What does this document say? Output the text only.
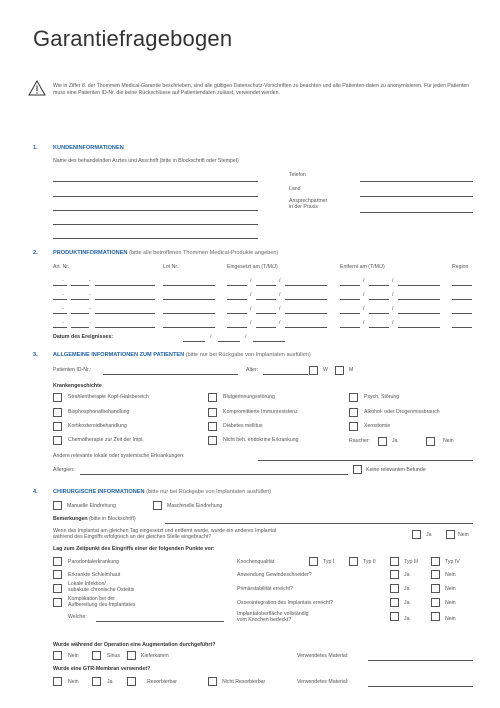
Garantiefragebogen
Wie in Ziffer 8. der Thommen Medical-Garantie beschrieben, sind alle gültigen Datenschutz-Vorschriften zu beachten und alle Patienten-daten zu anonymisieren. Für jeden Patienten muss eine Patienten ID-Nr. die keine Rückschlüsse auf Patientendaten zulässt, verwendet werden.
1.	KUNDENINFORMATIONEN
Name des behandelnden Arztes und Anschrift (bitte in Blockschrift oder Stempel)
Telefon
Land
Ansprechpartner
in der Praxis
2.	PRODUKTINFORMATIONEN (bitte alle betroffenen Thommen Medical-Produkte angeben)
Art. Nr.	Lot Nr.	Eingesetzt am (T/M/J)	Entfernt am (T/M/J)	Region
-	-	/	/	/	/
-	-	/	/	/	/
-	-	/	/	/	/
-	-	/	/	/	/
Datum des Ereignisses:	/	/
3.	ALLGEMEINE INFORMATIONEN ZUM PATIENTEN (bitte nur bei Rückgabe von Implantaten ausfüllen)
Patienten ID-Nr.:	Alter:	W	M
Krankengeschichte
Strahlentherapie Kopf-/Halsbereich
Bisphosphonatbehandlung
Kortikosteroidbehandlung
Chemotherapie zur Zeit der Impl.
Blutgerinnungsstörung
Kompromittierte Immunresistenz
Diabetes mellitus
Nicht beh. endokrine Erkrankung
Psych. Störung
Alkohol- oder Drogenmissbrauch
Xerostomie
Raucher:	Ja	Nein
Andere relevante lokale oder systemische Erkrankungen:
Allergien:	Keine relevanten Befunde
4.	CHIRURGISCHE INFORMATIONEN (bitte nur bei Rückgabe von Implantaten ausfüllen)
Manuelle Eindrehung	Maschinelle Eindrehung
Bemerkungen (bitte in Blockschrift)
Wenn das Implantat am gleichen Tag eingesetzt und entfernt wurde, wurde ein anderes Implantat
während des Eingriffs erfolgreich an der gleichen Stelle eingebracht?	Ja	Nein
Lag zum Zeitpunkt des Eingriffs einer der folgenden Punkte vor:
Parodontalerkrankung
Erkrankte Schleimhaut
Lokale Infektion/
subakute chronische Osteitis
Komplikation bei der
Aufbereitung des Implantates
Welche:
Knochenqualität	Typ I	Typ II	Typ III	Typ IV
Anwendung Gewindeschneider?	Ja	Nein
Primärstabilität erreicht?	Ja	Nein
Osseointegration des Implantats erreicht?	Ja	Nein
Implantatoberfläche vollständig
vom Knochen bedeckt?	Ja	Nein
Wurde während der Operation eine Augmentation durchgeführt?
Nein	Sinus	Kieferkamm	Verwendetes Material:
Wurde eine GTR-Membran verwendet?
Nein	Ja	Resorbierbar	Nicht Resorbierbar	Verwendetes Material:
